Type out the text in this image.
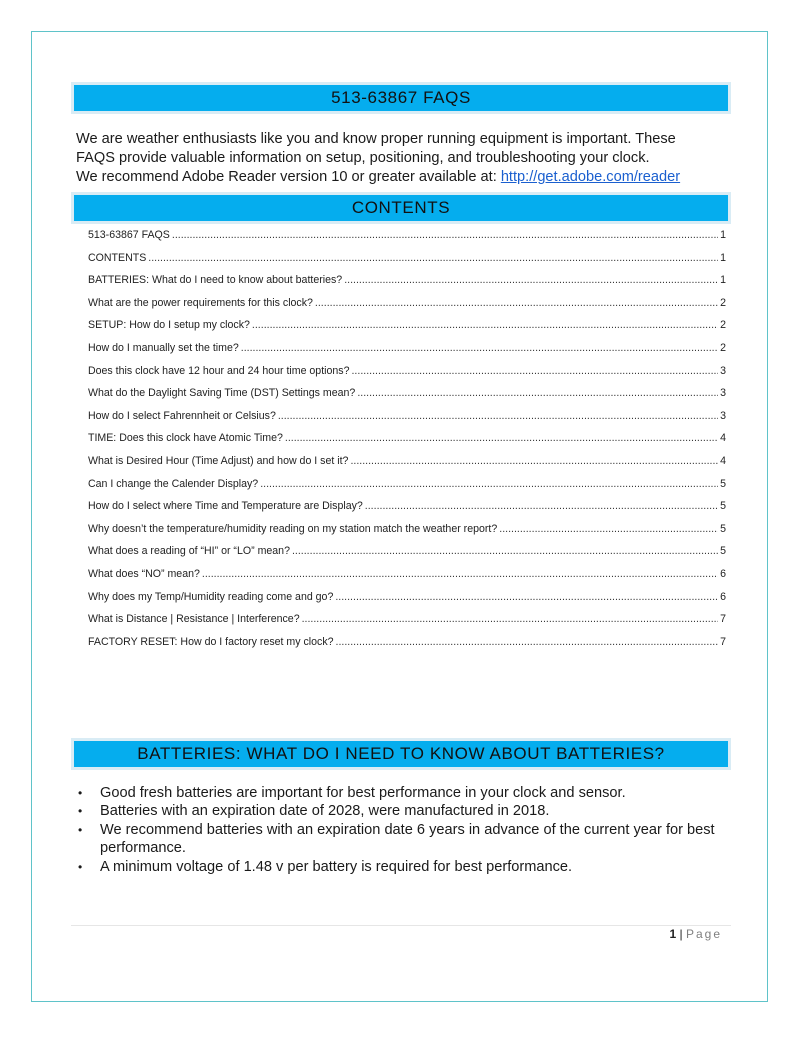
513-63867 FAQS
We are weather enthusiasts like you and know proper running equipment is important. These
FAQS provide valuable information on setup, positioning, and troubleshooting your clock.
We recommend Adobe Reader version 10 or greater available at: http://get.adobe.com/reader
CONTENTS
513-63867 FAQS .....	1
CONTENTS .....	1
BATTERIES: What do I need to know about batteries? .....	1
What are the power requirements for this clock? .....	2
SETUP: How do I setup my clock? .....	2
How do I manually set the time? .....	2
Does this clock have 12 hour and 24 hour time options? .....	3
What do the Daylight Saving Time (DST) Settings mean? .....	3
How do I select Fahrennheit or Celsius? .....	3
TIME: Does this clock have Atomic Time? .....	4
What is Desired Hour (Time Adjust) and how do I set it? .....	4
Can I change the Calender Display? .....	5
How do I select where Time and Temperature are Display? .....	5
Why doesn’t the temperature/humidity reading on my station match the weather report? .....	5
What does a reading of “HI” or “LO” mean? .....	5
What does “NO” mean? .....	6
Why does my Temp/Humidity reading come and go? .....	6
What is Distance | Resistance | Interference? .....	7
FACTORY RESET: How do I factory reset my clock? .....	7
BATTERIES: WHAT DO I NEED TO KNOW ABOUT BATTERIES?
• Good fresh batteries are important for best performance in your clock and sensor.
• Batteries with an expiration date of 2028, were manufactured in 2018.
• We recommend batteries with an expiration date 6 years in advance of the current year for best performance.
• A minimum voltage of 1.48 v per battery is required for best performance.
1 | Page
